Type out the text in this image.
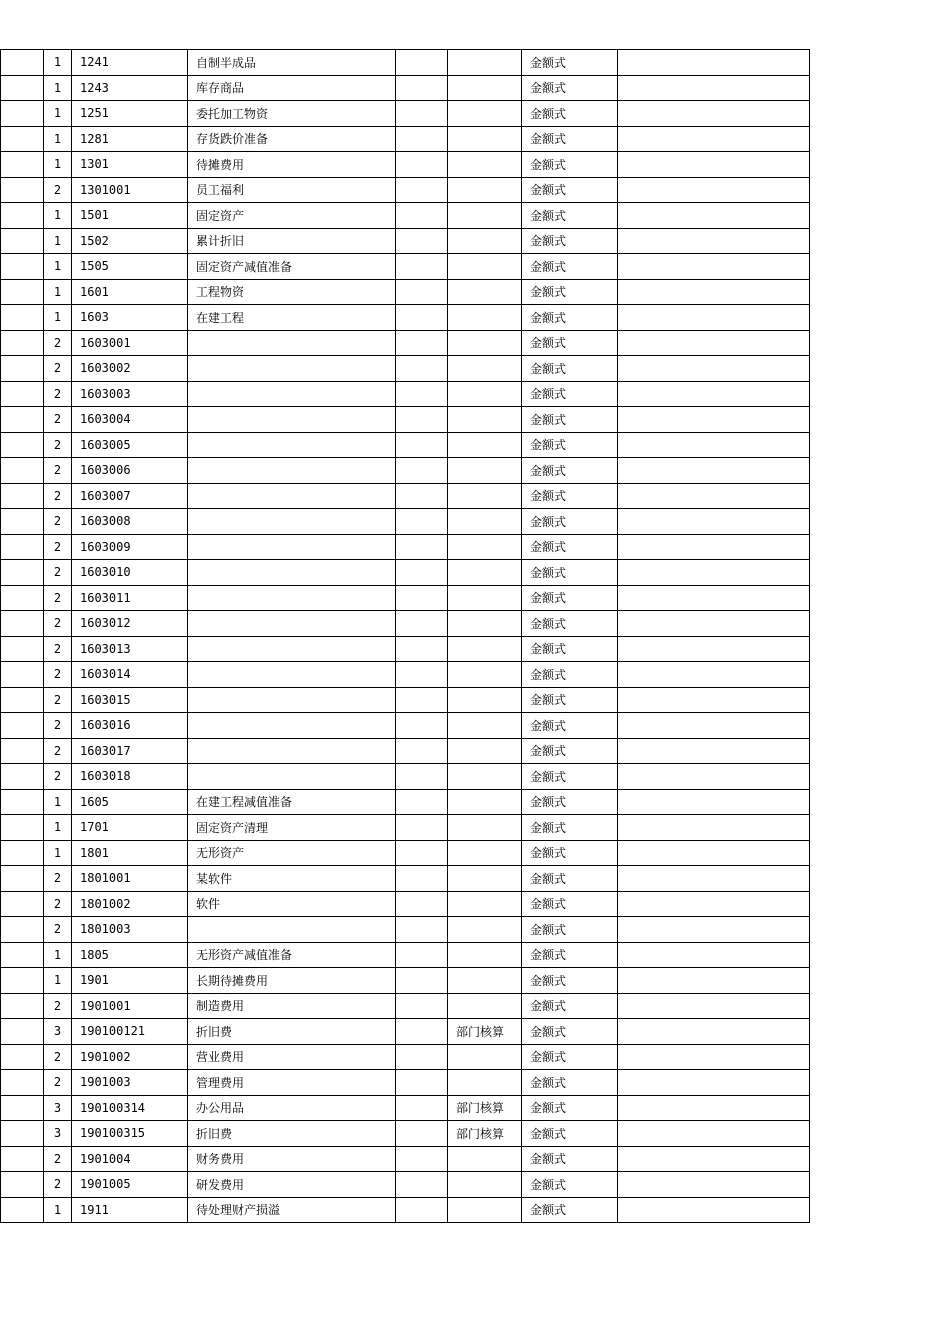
	1	1241	自制半成品			金额式	
	1	1243	库存商品			金额式	
	1	1251	委托加工物资			金额式	
	1	1281	存货跌价准备			金额式	
	1	1301	待摊费用			金额式	
	2	1301001	员工福利			金额式	
	1	1501	固定资产			金额式	
	1	1502	累计折旧			金额式	
	1	1505	固定资产减值准备			金额式	
	1	1601	工程物资			金额式	
	1	1603	在建工程			金额式	
	2	1603001				金额式	
	2	1603002				金额式	
	2	1603003				金额式	
	2	1603004				金额式	
	2	1603005				金额式	
	2	1603006				金额式	
	2	1603007				金额式	
	2	1603008				金额式	
	2	1603009				金额式	
	2	1603010				金额式	
	2	1603011				金额式	
	2	1603012				金额式	
	2	1603013				金额式	
	2	1603014				金额式	
	2	1603015				金额式	
	2	1603016				金额式	
	2	1603017				金额式	
	2	1603018				金额式	
	1	1605	在建工程减值准备			金额式	
	1	1701	固定资产清理			金额式	
	1	1801	无形资产			金额式	
	2	1801001	某软件			金额式	
	2	1801002	软件			金额式	
	2	1801003				金额式	
	1	1805	无形资产减值准备			金额式	
	1	1901	长期待摊费用			金额式	
	2	1901001	制造费用			金额式	
	3	190100121	折旧费		部门核算	金额式	
	2	1901002	营业费用			金额式	
	2	1901003	管理费用			金额式	
	3	190100314	办公用品		部门核算	金额式	
	3	190100315	折旧费		部门核算	金额式	
	2	1901004	财务费用			金额式	
	2	1901005	研发费用			金额式	
	1	1911	待处理财产损溢			金额式	
